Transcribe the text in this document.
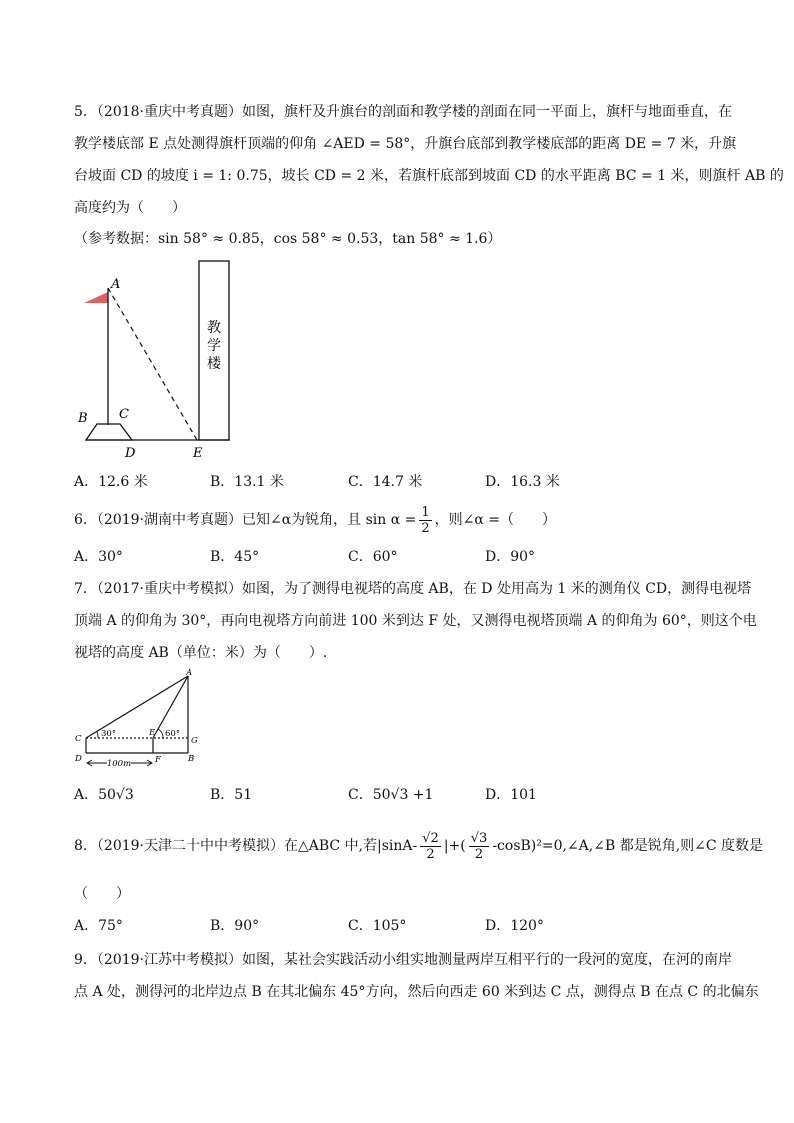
5．（2018·重庆中考真题）如图，旗杆及升旗台的剖面和教学楼的剖面在同一平面上，旗杆与地面垂直，在
教学楼底部 E 点处测得旗杆顶端的仰角 ∠AED = 58°，升旗台底部到教学楼底部的距离 DE = 7 米，升旗
台坡面 CD 的坡度 i = 1: 0.75，坡长 CD = 2 米，若旗杆底部到坡面 CD 的水平距离 BC = 1 米，则旗杆 AB 的
高度约为（　　）
（参考数据：sin 58° ≈ 0.85，cos 58° ≈ 0.53，tan 58° ≈ 1.6）
教
学
楼
A
B C
D	E
A．12.6 米	B．13.1 米	C．14.7 米	D．16.3 米
6．（2019·湖南中考真题）已知∠α为锐角，且 $\sin \alpha = \frac{1}{2}$ ，则∠α =（　　）
A．30°	B．45°	C．60°	D．90°
7．（2017·重庆中考模拟）如图，为了测得电视塔的高度 AB，在 D 处用高为 1 米的测角仪 CD，测得电视塔
顶端 A 的仰角为 30°，再向电视塔方向前进 100 米到达 F 处，又测得电视塔顶端 A 的仰角为 60°，则这个电
视塔的高度 AB（单位：米）为（　　）.
30°	60°
100m
A
C
D
E
F
G
B
A．50√3	B．51	C．50√3 +1	D．101
8．（2019·天津二十中中考模拟）在△ABC 中,若$|\sin A- \frac{√2}{2}$ |+( $\frac{√3}{2}$ -cosB)²=0,∠A,∠B 都是锐角,则∠C 度数是
（　　）
A．75°	B．90°	C．105°	D．120°
9．（2019·江苏中考模拟）如图，某社会实践活动小组实地测量两岸互相平行的一段河的宽度，在河的南岸
点 A 处，测得河的北岸边点 B 在其北偏东 45°方向，然后向西走 60 米到达 C 点，测得点 B 在点 C 的北偏东
